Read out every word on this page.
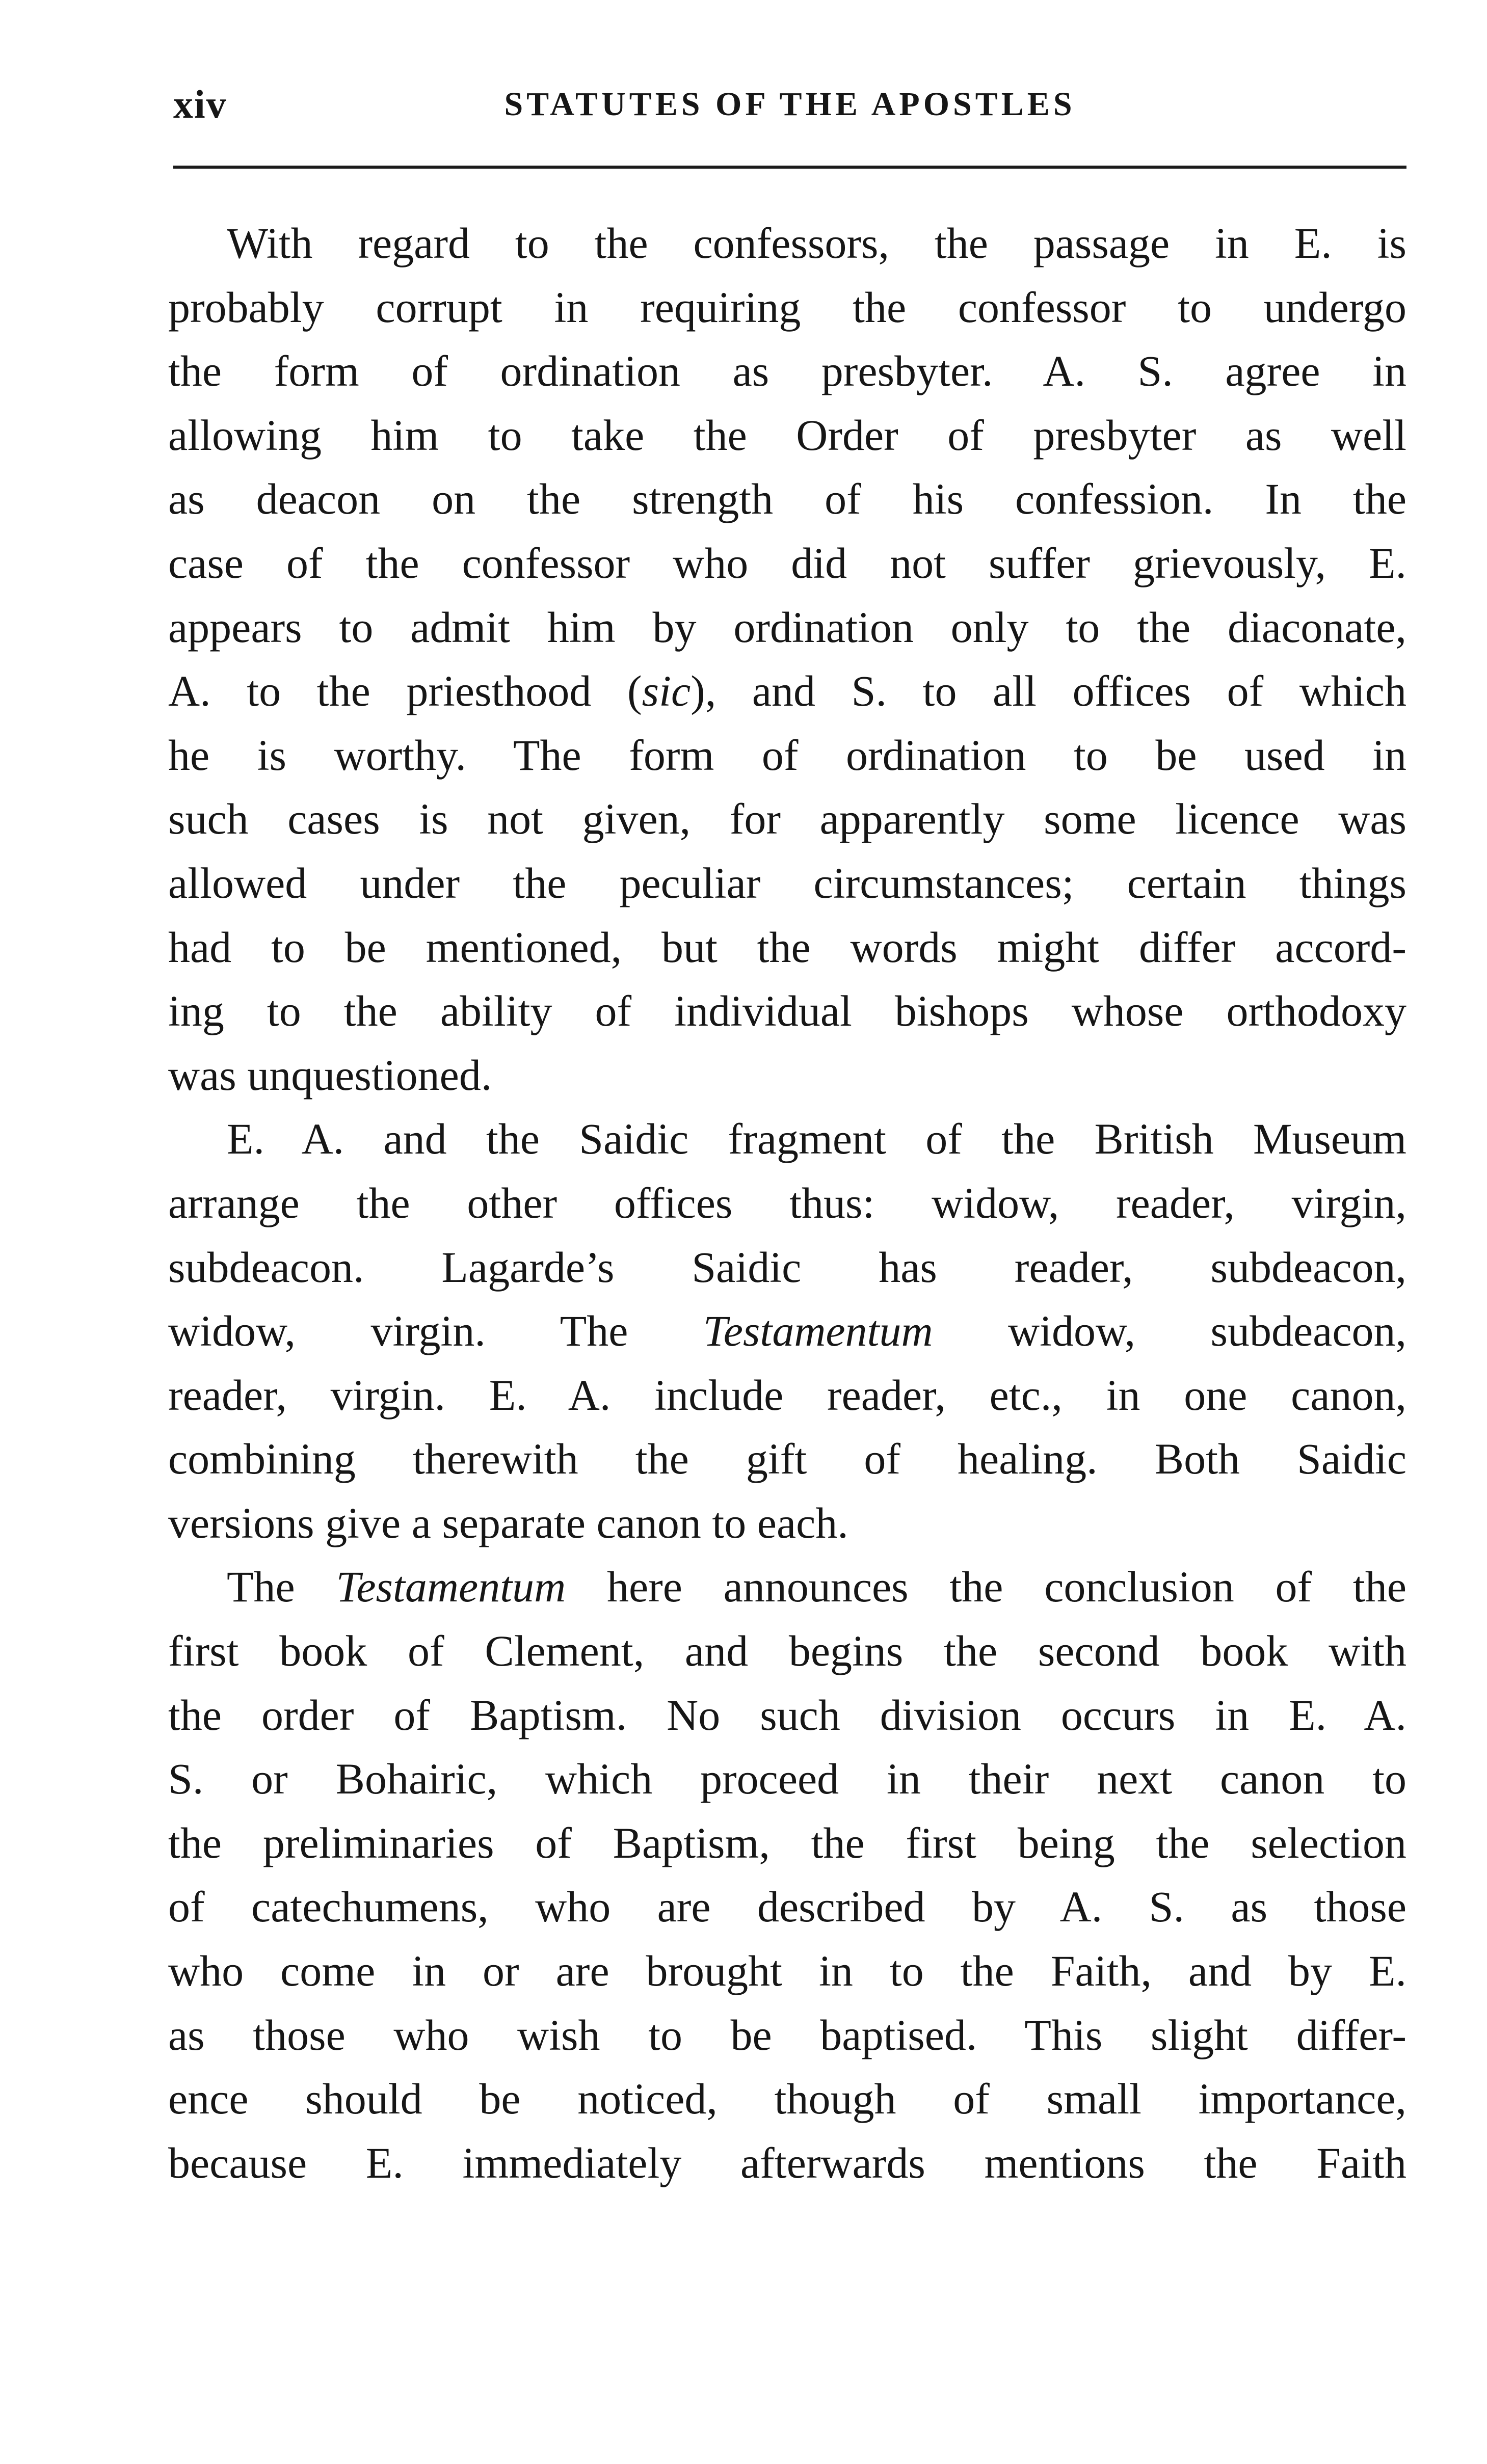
xiv	STATUTES OF THE APOSTLES

With regard to the confessors, the passage in E. is
probably corrupt in requiring the confessor to undergo
the form of ordination as presbyter. A. S. agree in
allowing him to take the Order of presbyter as well
as deacon on the strength of his confession. In the
case of the confessor who did not suffer grievously, E.
appears to admit him by ordination only to the diaconate,
A. to the priesthood (sic), and S. to all offices of which
he is worthy. The form of ordination to be used in
such cases is not given, for apparently some licence was
allowed under the peculiar circumstances; certain things
had to be mentioned, but the words might differ accord-
ing to the ability of individual bishops whose orthodoxy
was unquestioned.

E. A. and the Saidic fragment of the British Museum
arrange the other offices thus: widow, reader, virgin,
subdeacon. Lagarde’s Saidic has reader, subdeacon,
widow, virgin. The Testamentum widow, subdeacon,
reader, virgin. E. A. include reader, etc., in one canon,
combining therewith the gift of healing. Both Saidic
versions give a separate canon to each.

The Testamentum here announces the conclusion of the
first book of Clement, and begins the second book with
the order of Baptism. No such division occurs in E. A.
S. or Bohairic, which proceed in their next canon to
the preliminaries of Baptism, the first being the selection
of catechumens, who are described by A. S. as those
who come in or are brought in to the Faith, and by E.
as those who wish to be baptised. This slight differ-
ence should be noticed, though of small importance,
because E. immediately afterwards mentions the Faith
